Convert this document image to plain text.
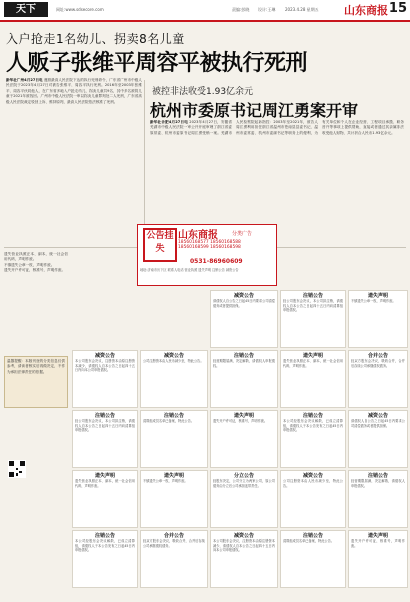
天下	网址:www.sdsecore.com	责编:彭晓 设计:王琳 2023.4.28 星期五 山东商报 15
入户抢走1名幼儿、拐卖8名儿童
人贩子张维平周容平被执行死刑
新华社广州4月27日电 遵照最高人民法院下达的执行死刑命令，广东省广州市中级人民法院于2023年4月27日对被告张维平、周容平执行死刑。2016年至2003年张维平、周容平伙同他人，在广东省多地入户抢走幼儿、拐卖儿童共9名，其中多名被拐儿童于2021年被找回。广州市中级人民法院一审以拐卖儿童罪判处二人死刑，广东省高级人民法院裁定驳回上诉、维持原判，最高人民法院依法核准了死刑。
被控非法收受1.93亿余元
杭州市委原书记周江勇案开审
新华社合肥4月27日电 2023年4月27日，安徽省芜湖市中级人民法院一审公开开庭审理了浙江省委原常委、杭州市委原书记周江勇受贿一案。芜湖市人民检察院起诉指控：2003年至2021年，被告人周江勇利用担任浙江省温州市苍南县县委书记、温州市委常委、杭州市委副书记等职务上的便利，为有关单位和个人在企业经营、工程项目承揽、职务晋升等事项上提供帮助，直接或者通过其亲属非法收受他人财物，共计折合人民币1.93亿余元。
公告挂失
山东商报	分类广告
18560168577 18560168588
18560168599 18560168598
0531-86960609
地址:济南市历下区 联系人电话 营业执照 遗失声明 注销公告 减资公告
遗失营业执照正本、副本，统一社会信用代码，声明作废。
不慎遗失公章一枚，声明作废。
遗失开户许可证，核准号，声明作废。
温馨提醒：本版刊登的分类信息仅供参考，请读者核实后再做决定，不作为承担法律责任的依据。
减资公告
本公司股东会决议，注册资本由原注册资本减少，请债权人自本公告之日起四十五日内向本公司申报债权。
注销公告
经公司股东会决议，本公司拟注销，请债权人自本公告之日起四十五日内向清算组申报债权。
遗失声明
遗失营业执照正本、副本，统一社会信用代码，声明作废。
注销公告
本公司经股东会决议解散，已成立清算组，请债权人于本公告发布之日起45日内申报债权。
减资公告
公司注册资本由人民币减少至，特此公告。
注销公告
清算组成员名单已备案，特此公告。
遗失声明
不慎遗失公章一枚，声明作废。
合并公告
经双方股东会决议，吸收合并，合并后存续公司承继债权债务。
减资公告
请债权人自公告之日起45日内要求公司清偿债务或者提供担保。
注销公告
经营期限届满，决定解散，请债权人申报债权。
遗失声明
遗失开户许可证，核准号，声明作废。
分立公告
经股东决定，公司分立为两家公司，原公司债务由分立后公司承担连带责任。
减资公告
本公司股东会决议，注册资本由原注册资本减少，请债权人自本公告之日起四十五日内向本公司申报债权。
注销公告
经公司股东会决议，本公司拟注销，请债权人自本公告之日起四十五日内向清算组申报债权。
遗失声明
遗失营业执照正本、副本，统一社会信用代码，声明作废。
注销公告
本公司经股东会决议解散，已成立清算组，请债权人于本公告发布之日起45日内申报债权。
减资公告
公司注册资本由人民币减少至，特此公告。
注销公告
清算组成员名单已备案，特此公告。
遗失声明
不慎遗失公章一枚，声明作废。
合并公告
经双方股东会决议，吸收合并，合并后存续公司承继债权债务。
减资公告
请债权人自公告之日起45日内要求公司清偿债务或者提供担保。
注销公告
经营期限届满，决定解散，请债权人申报债权。
遗失声明
遗失开户许可证，核准号，声明作废。
